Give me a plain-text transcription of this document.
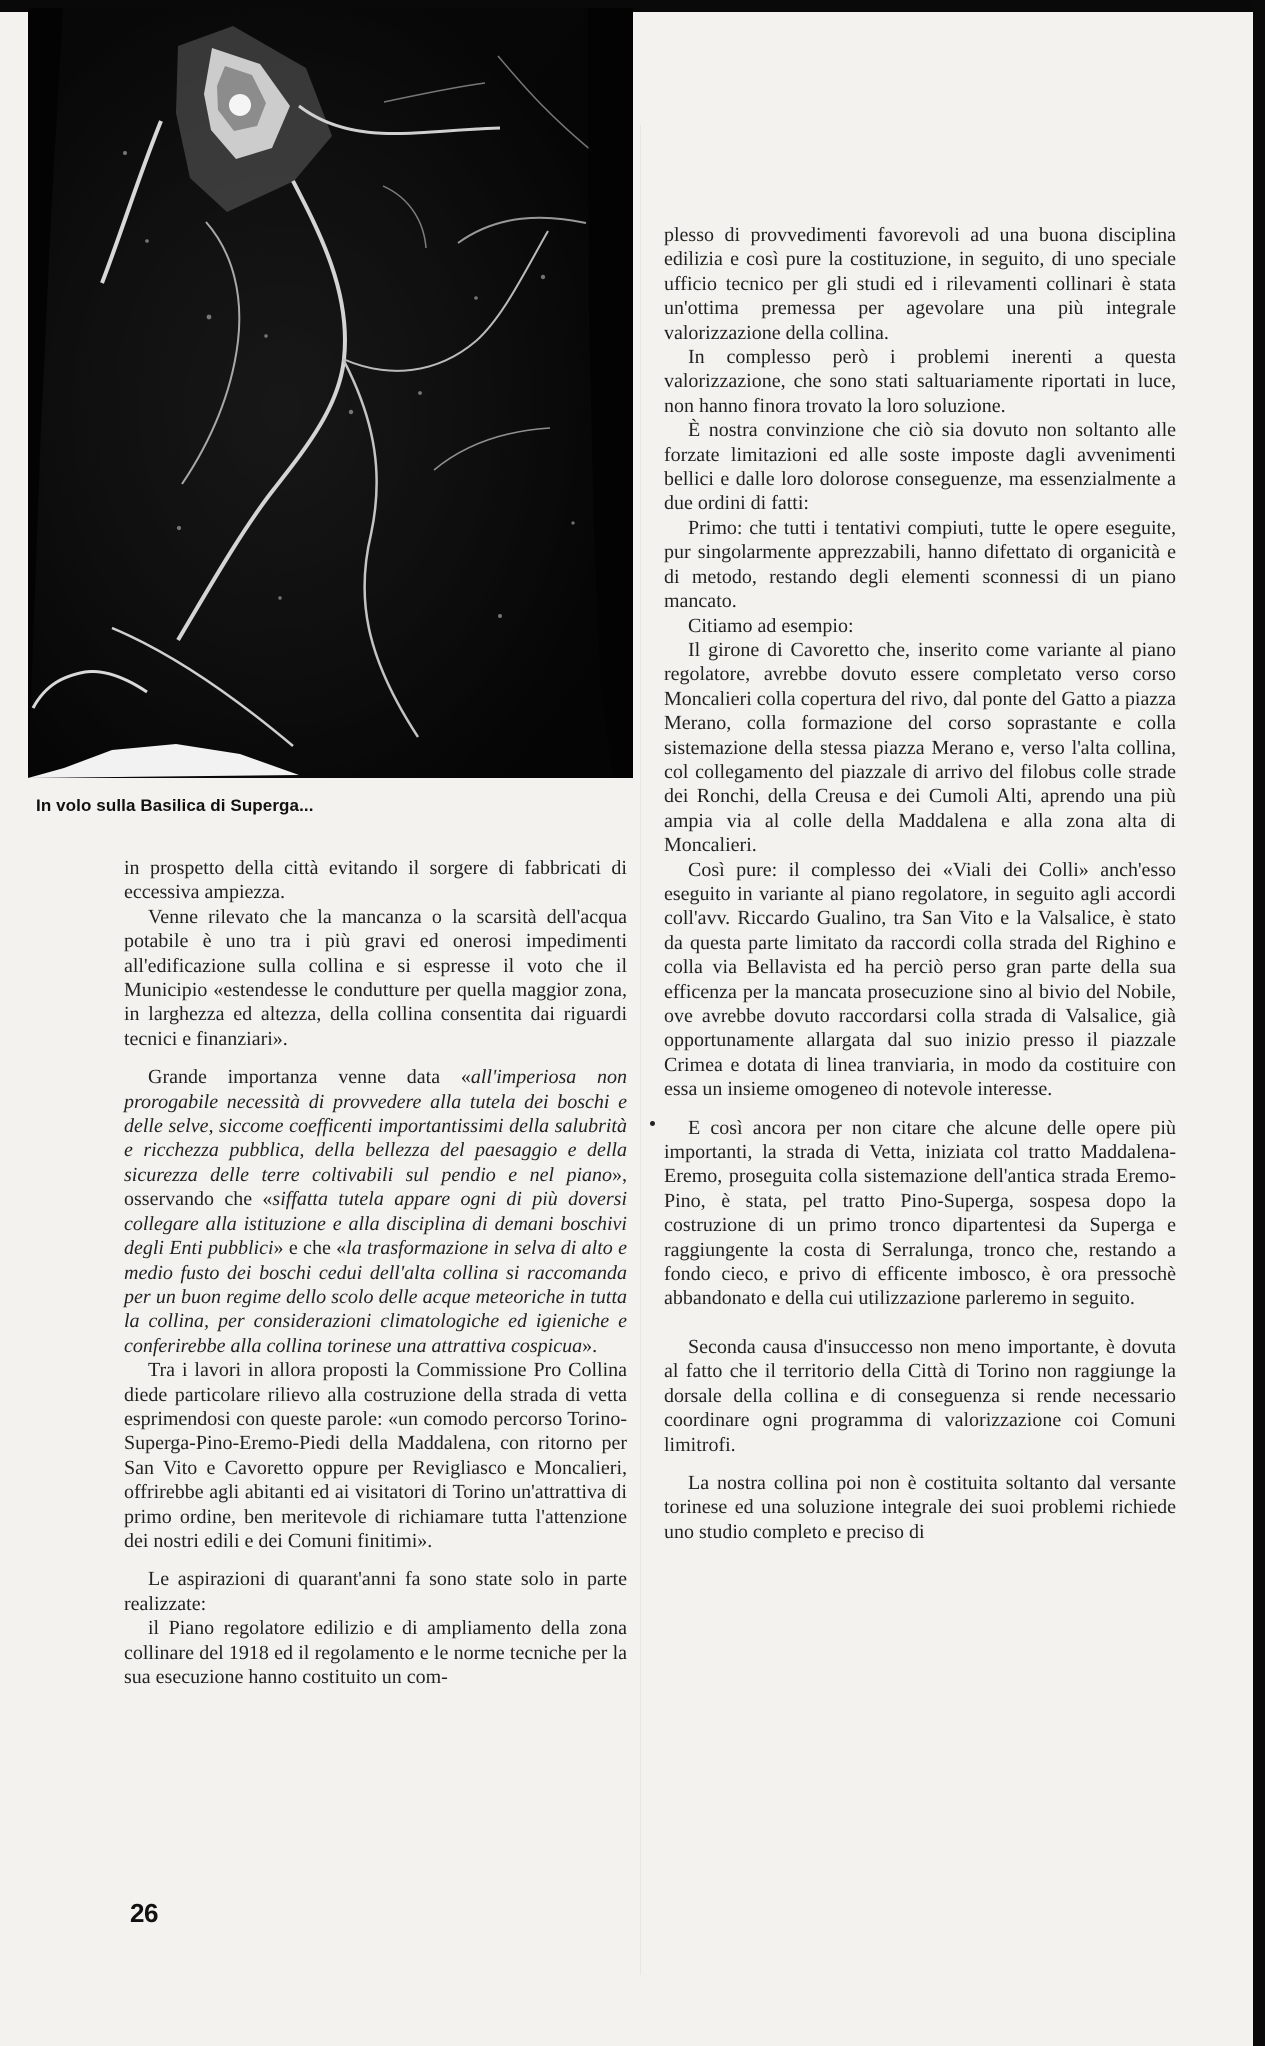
In volo sulla Basilica di Superga...

in prospetto della città evitando il sorgere di fabbricati di eccessiva ampiezza.

Venne rilevato che la mancanza o la scarsità dell'acqua potabile è uno tra i più gravi ed onerosi impedimenti all'edificazione sulla collina e si espresse il voto che il Municipio «estendesse le condutture per quella maggior zona, in larghezza ed altezza, della collina consentita dai riguardi tecnici e finanziari».

Grande importanza venne data «all'imperiosa non prorogabile necessità di provvedere alla tutela dei boschi e delle selve, siccome coefficenti importantissimi della salubrità e ricchezza pubblica, della bellezza del paesaggio e della sicurezza delle terre coltivabili sul pendio e nel piano», osservando che «siffatta tutela appare ogni di più doversi collegare alla istituzione e alla disciplina di demani boschivi degli Enti pubblici» e che «la trasformazione in selva di alto e medio fusto dei boschi cedui dell'alta collina si raccomanda per un buon regime dello scolo delle acque meteoriche in tutta la collina, per considerazioni climatologiche ed igieniche e conferirebbe alla collina torinese una attrattiva cospicua».

Tra i lavori in allora proposti la Commissione Pro Collina diede particolare rilievo alla costruzione della strada di vetta esprimendosi con queste parole: «un comodo percorso Torino-Superga-Pino-Eremo-Piedi della Maddalena, con ritorno per San Vito e Cavoretto oppure per Revigliasco e Moncalieri, offrirebbe agli abitanti ed ai visitatori di Torino un'attrattiva di primo ordine, ben meritevole di richiamare tutta l'attenzione dei nostri edili e dei Comuni finitimi».

Le aspirazioni di quarant'anni fa sono state solo in parte realizzate:

il Piano regolatore edilizio e di ampliamento della zona collinare del 1918 ed il regolamento e le norme tecniche per la sua esecuzione hanno costituito un com-

plesso di provvedimenti favorevoli ad una buona disciplina edilizia e così pure la costituzione, in seguito, di uno speciale ufficio tecnico per gli studi ed i rilevamenti collinari è stata un'ottima premessa per agevolare una più integrale valorizzazione della collina.

In complesso però i problemi inerenti a questa valorizzazione, che sono stati saltuariamente riportati in luce, non hanno finora trovato la loro soluzione.

È nostra convinzione che ciò sia dovuto non soltanto alle forzate limitazioni ed alle soste imposte dagli avvenimenti bellici e dalle loro dolorose conseguenze, ma essenzialmente a due ordini di fatti:

Primo: che tutti i tentativi compiuti, tutte le opere eseguite, pur singolarmente apprezzabili, hanno difettato di organicità e di metodo, restando degli elementi sconnessi di un piano mancato.

Citiamo ad esempio:

Il girone di Cavoretto che, inserito come variante al piano regolatore, avrebbe dovuto essere completato verso corso Moncalieri colla copertura del rivo, dal ponte del Gatto a piazza Merano, colla formazione del corso soprastante e colla sistemazione della stessa piazza Merano e, verso l'alta collina, col collegamento del piazzale di arrivo del filobus colle strade dei Ronchi, della Creusa e dei Cumoli Alti, aprendo una più ampia via al colle della Maddalena e alla zona alta di Moncalieri.

Così pure: il complesso dei «Viali dei Colli» anch'esso eseguito in variante al piano regolatore, in seguito agli accordi coll'avv. Riccardo Gualino, tra San Vito e la Valsalice, è stato da questa parte limitato da raccordi colla strada del Righino e colla via Bellavista ed ha perciò perso gran parte della sua efficenza per la mancata prosecuzione sino al bivio del Nobile, ove avrebbe dovuto raccordarsi colla strada di Valsalice, già opportunamente allargata dal suo inizio presso il piazzale Crimea e dotata di linea tranviaria, in modo da costituire con essa un insieme omogeneo di notevole interesse.

E così ancora per non citare che alcune delle opere più importanti, la strada di Vetta, iniziata col tratto Maddalena-Eremo, proseguita colla sistemazione dell'antica strada Eremo-Pino, è stata, pel tratto Pino-Superga, sospesa dopo la costruzione di un primo tronco dipartentesi da Superga e raggiungente la costa di Serralunga, tronco che, restando a fondo cieco, e privo di efficente imbosco, è ora pressochè abbandonato e della cui utilizzazione parleremo in seguito.

Seconda causa d'insuccesso non meno importante, è dovuta al fatto che il territorio della Città di Torino non raggiunge la dorsale della collina e di conseguenza si rende necessario coordinare ogni programma di valorizzazione coi Comuni limitrofi.

La nostra collina poi non è costituita soltanto dal versante torinese ed una soluzione integrale dei suoi problemi richiede uno studio completo e preciso di

26
